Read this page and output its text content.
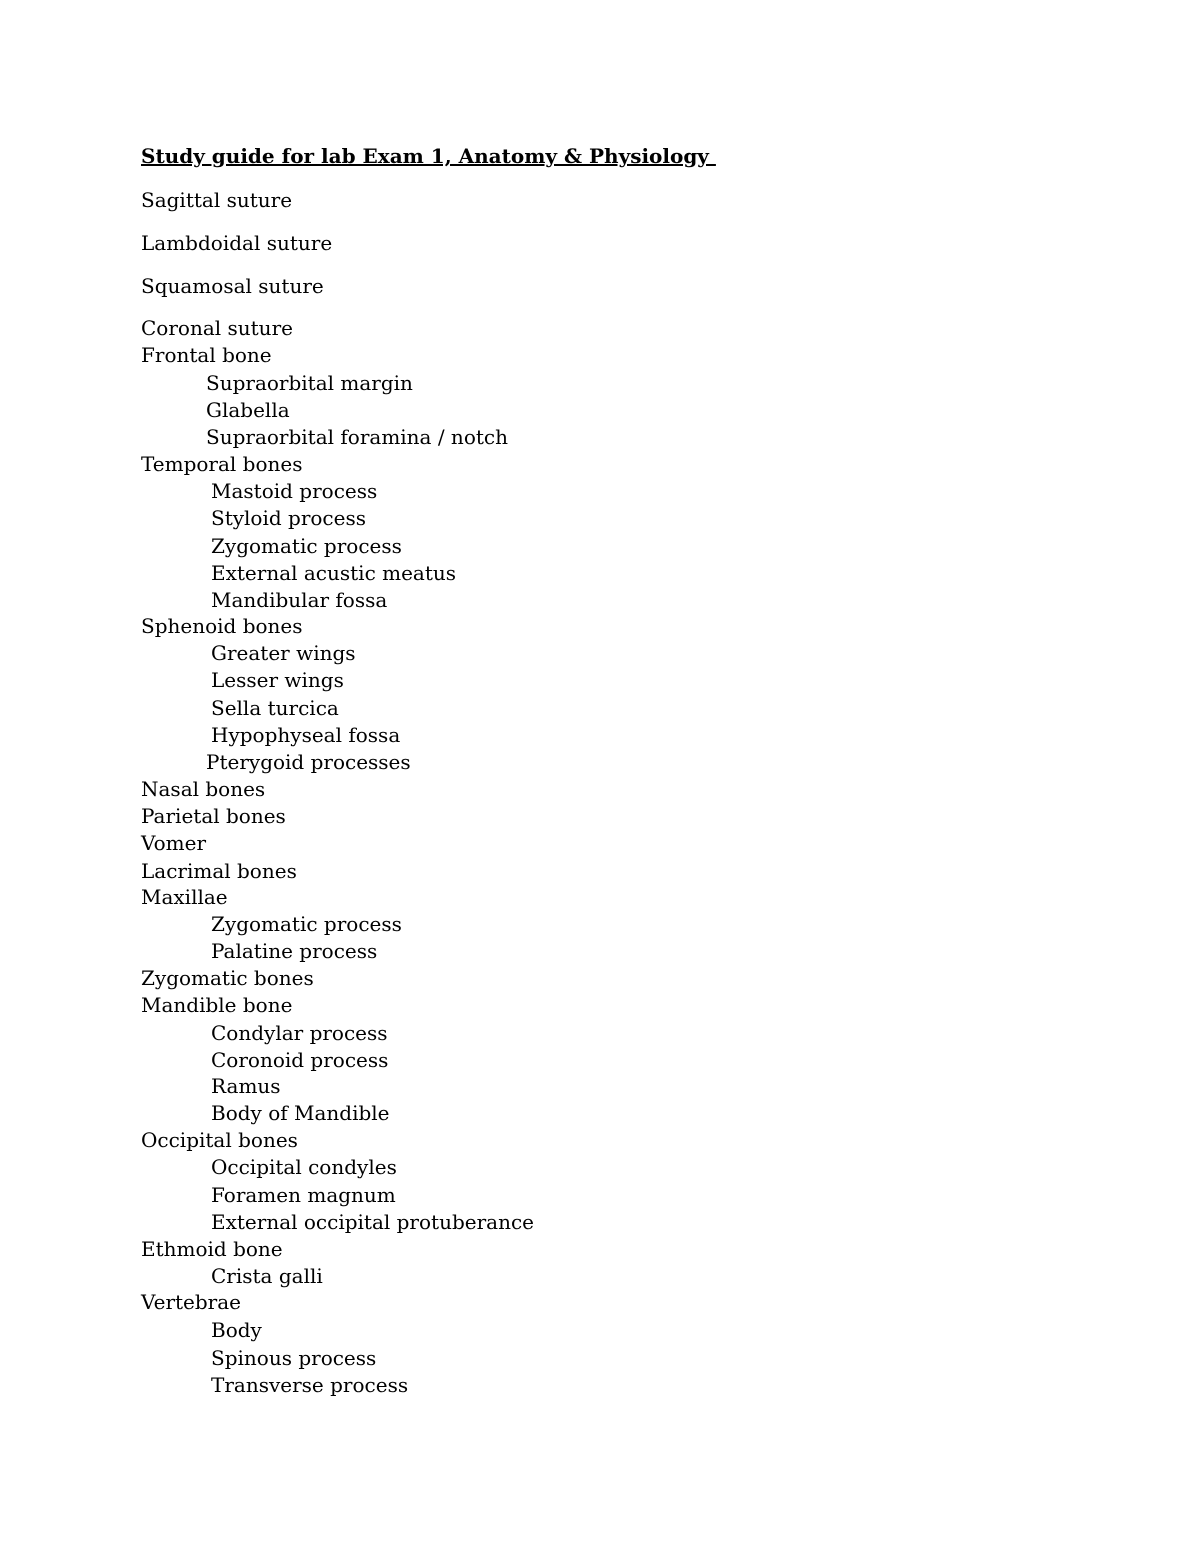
Study guide for lab Exam 1, Anatomy & Physiology
Sagittal suture
Lambdoidal suture
Squamosal suture
Coronal suture
Frontal bone
Supraorbital margin
Glabella
Supraorbital foramina / notch
Temporal bones
Mastoid process
Styloid process
Zygomatic process
External acustic meatus
Mandibular fossa
Sphenoid bones
Greater wings
Lesser wings
Sella turcica
Hypophyseal fossa
Pterygoid processes
Nasal bones
Parietal bones
Vomer
Lacrimal bones
Maxillae
Zygomatic process
Palatine process
Zygomatic bones
Mandible bone
Condylar process
Coronoid process
Ramus
Body of Mandible
Occipital bones
Occipital condyles
Foramen magnum
External occipital protuberance
Ethmoid bone
Crista galli
Vertebrae
Body
Spinous process
Transverse process
